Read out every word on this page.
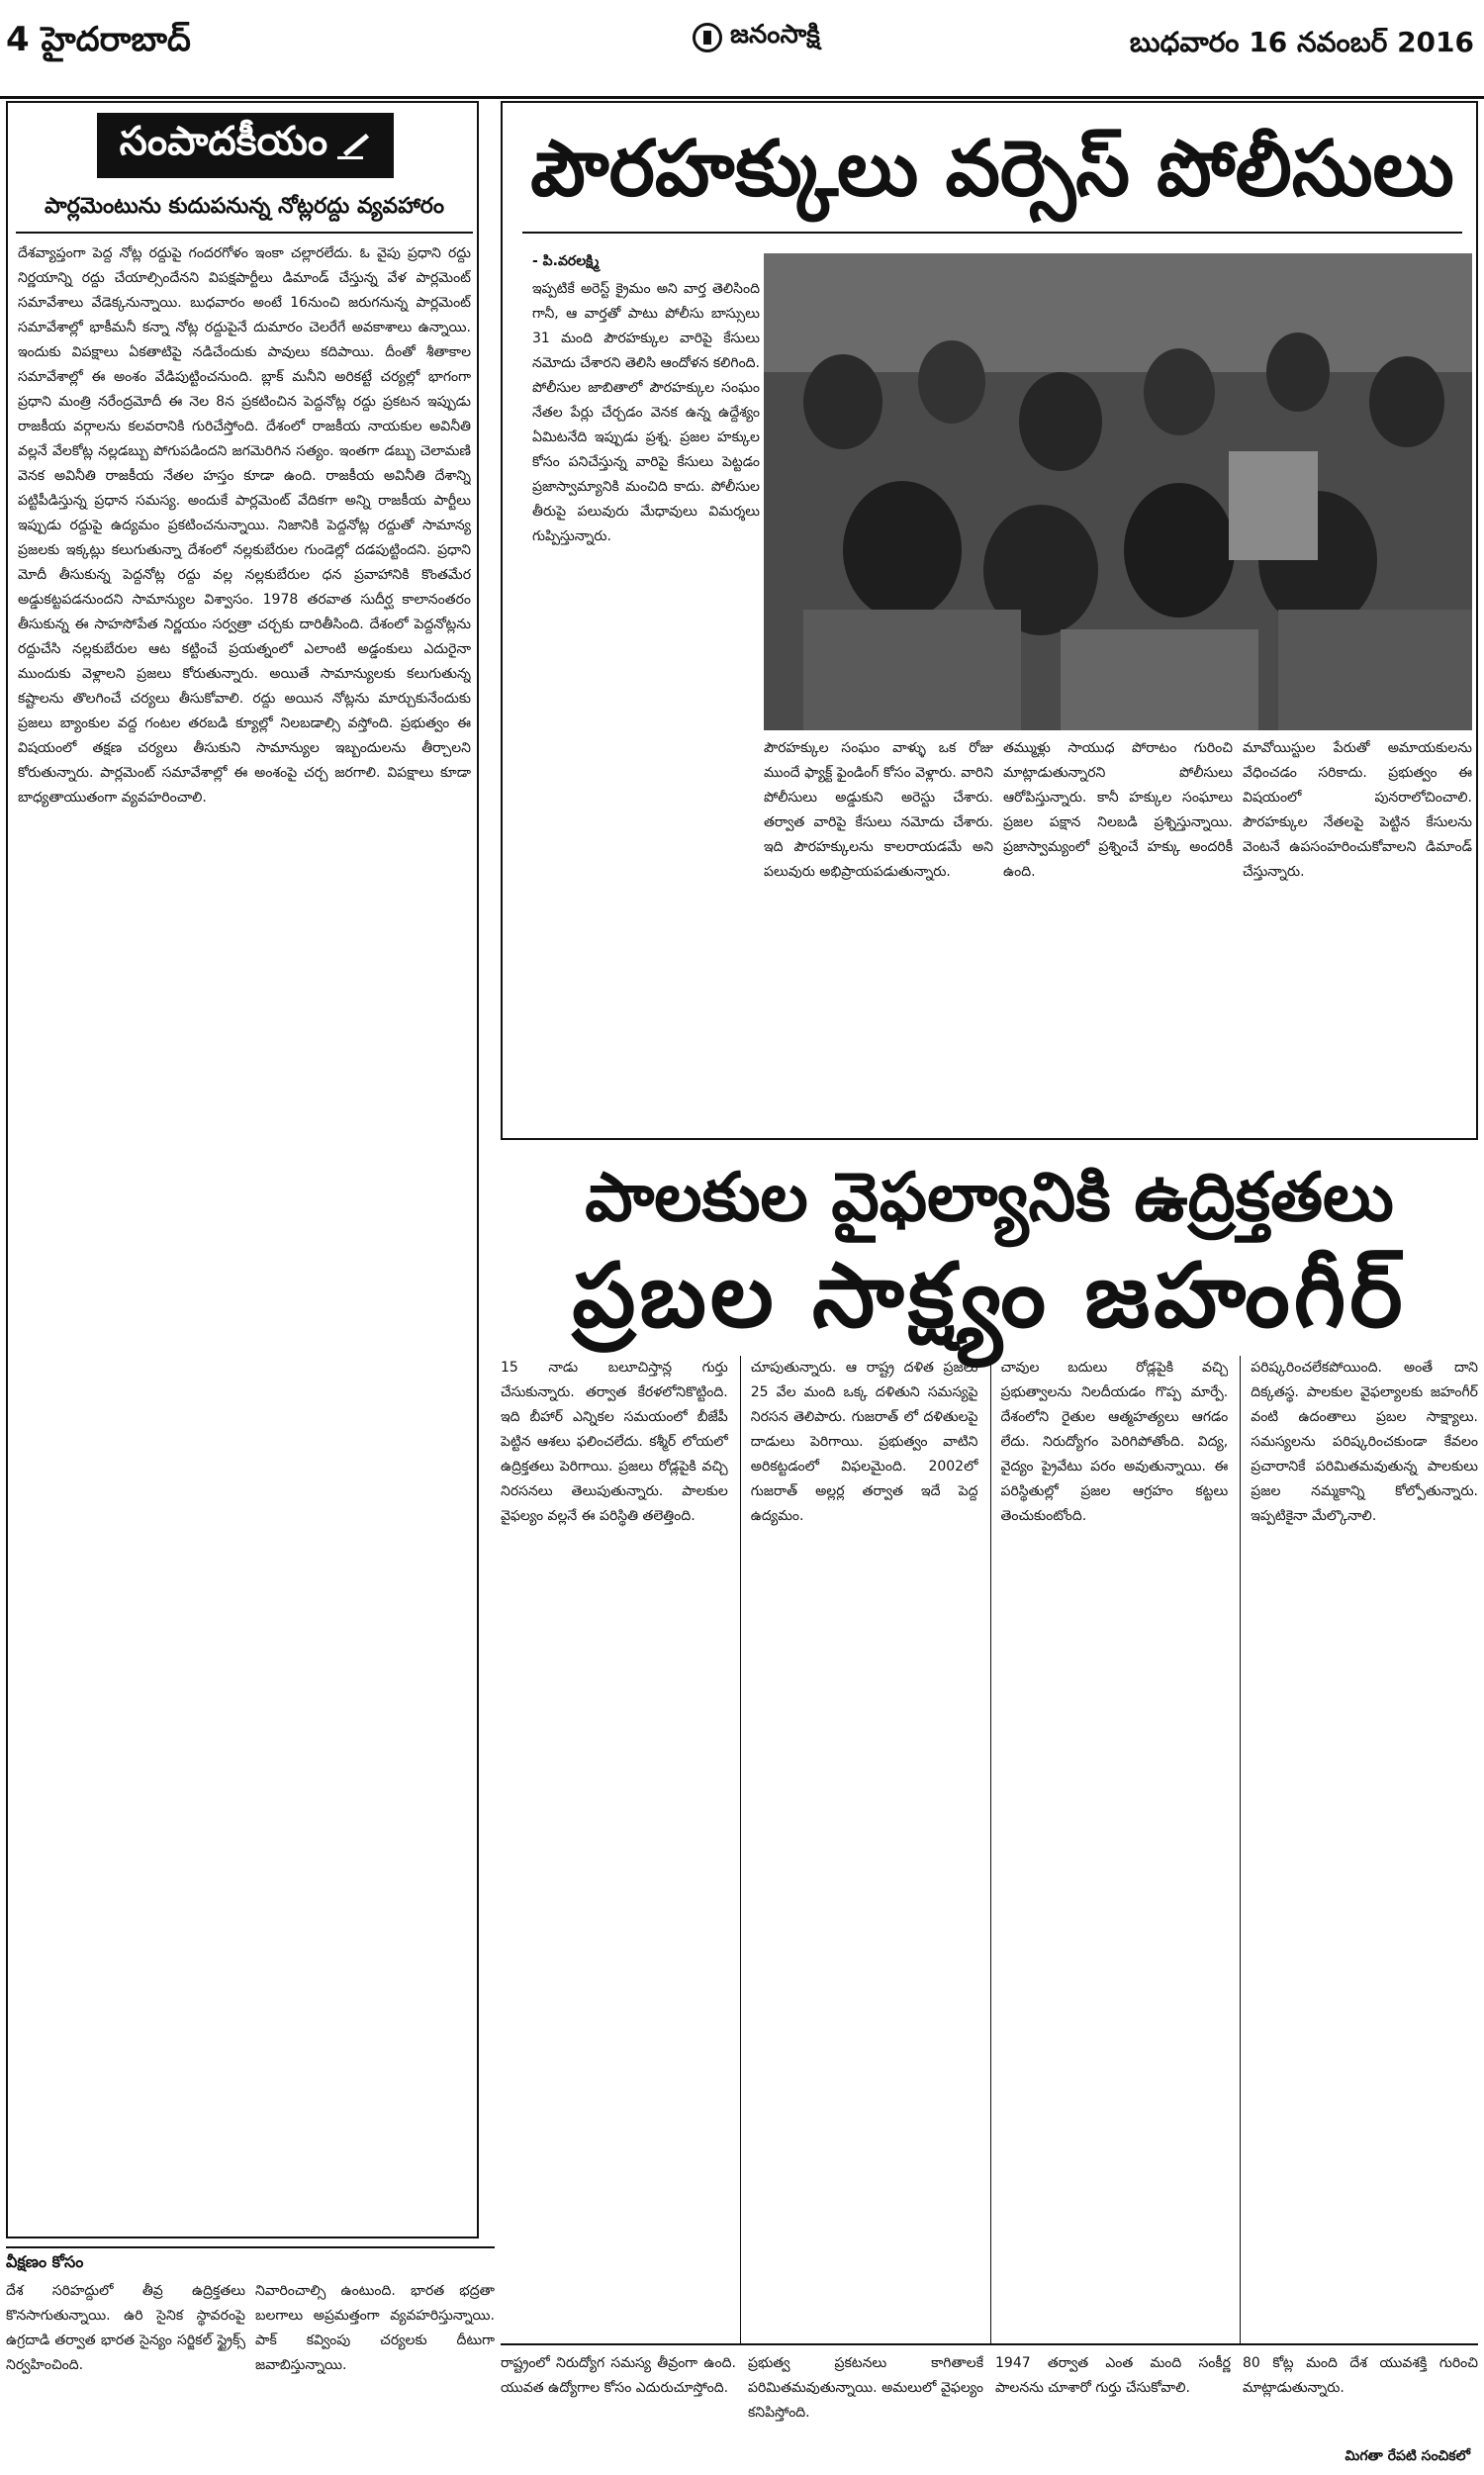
4 హైదరాబాద్	జనంసాక్షి	బుధవారం 16 నవంబర్ 2016
సంపాదకీయం
పార్లమెంటును కుదుపనున్న నోట్లరద్దు వ్యవహారం
దేశవ్యాప్తంగా పెద్ద నోట్ల రద్దుపై గందరగోళం ఇంకా చల్లారలేదు. ఓ వైపు ప్రధాని రద్దు నిర్ణయాన్ని రద్దు చేయాల్సిందేనని విపక్షపార్టీలు డిమాండ్‌ చేస్తున్న వేళ పార్లమెంట్‌ సమావేశాలు వేడెక్కనున్నాయి. బుధవారం అంటే 16నుంచి జరుగనున్న పార్లమెంట్‌ సమావేశాల్లో భాకీమనీ కన్నా నోట్ల రద్దుపైనే దుమారం చెలరేగే అవకాశాలు ఉన్నాయి. ఇందుకు విపక్షాలు ఏకతాటిపై నడిచేందుకు పావులు కదిపాయి. దీంతో శీతాకాల సమావేశాల్లో ఈ అంశం వేడిపుట్టించనుంది. బ్లాక్‌ మనీని అరికట్టే చర్యల్లో భాగంగా ప్రధాని మంత్రి నరేంద్రమోదీ ఈ నెల 8న ప్రకటించిన పెద్దనోట్ల రద్దు ప్రకటన ఇప్పుడు రాజకీయ వర్గాలను కలవరానికి గురిచేస్తోంది. దేశంలో రాజకీయ నాయకుల అవినీతి వల్లనే వేలకోట్ల నల్లడబ్బు పోగుపడిందని జగమెరిగిన సత్యం. ఇంతగా డబ్బు చెలామణి వెనక అవినీతి రాజకీయ నేతల హస్తం కూడా ఉంది. రాజకీయ అవినీతి దేశాన్ని పట్టిపీడిస్తున్న ప్రధాన సమస్య. అందుకే పార్లమెంట్‌ వేదికగా అన్ని రాజకీయ పార్టీలు ఇప్పుడు రద్దుపై ఉద్యమం ప్రకటించనున్నాయి. నిజానికి పెద్దనోట్ల రద్దుతో సామాన్య ప్రజలకు ఇక్కట్లు కలుగుతున్నా దేశంలో నల్లకుబేరుల గుండెల్లో దడపుట్టిందని. ప్రధాని మోదీ తీసుకున్న పెద్దనోట్ల రద్దు వల్ల నల్లకుబేరుల ధన ప్రవాహానికి కొంతమేర అడ్డుకట్టపడనుందని సామాన్యుల విశ్వాసం. 1978 తరవాత సుదీర్ఘ కాలానంతరం తీసుకున్న ఈ సాహసోపేత నిర్ణయం సర్వత్రా చర్చకు దారితీసింది. దేశంలో పెద్దనోట్లను రద్దుచేసి నల్లకుబేరుల ఆట కట్టించే ప్రయత్నంలో ఎలాంటి అడ్డంకులు ఎదురైనా ముందుకు వెళ్లాలని ప్రజలు కోరుతున్నారు. అయితే సామాన్యులకు కలుగుతున్న కష్టాలను తొలగించే చర్యలు తీసుకోవాలి. రద్దు అయిన నోట్లను మార్చుకునేందుకు ప్రజలు బ్యాంకుల వద్ద గంటల తరబడి క్యూల్లో నిలబడాల్సి వస్తోంది. ప్రభుత్వం ఈ విషయంలో తక్షణ చర్యలు తీసుకుని సామాన్యుల ఇబ్బందులను తీర్చాలని కోరుతున్నారు. పార్లమెంట్‌ సమావేశాల్లో ఈ అంశంపై చర్చ జరగాలి. విపక్షాలు కూడా బాధ్యతాయుతంగా వ్యవహరించాలి.
పౌరహక్కులు వర్సెస్‌ పోలీసులు
- పి.వరలక్ష్మి
ఇప్పటికే అరెస్ట్‌ క్రైమం అని వార్త తెలిసింది గానీ, ఆ వార్తతో పాటు పోలీసు బాస్సులు 31 మంది పౌరహక్కుల వారిపై కేసులు నమోదు చేశారని తెలిసి ఆందోళన కలిగింది. పోలీసుల జాబితాలో పౌరహక్కుల సంఘం నేతల పేర్లు చేర్చడం వెనక ఉన్న ఉద్దేశ్యం ఏమిటనేది ఇప్పుడు ప్రశ్న. ప్రజల హక్కుల కోసం పనిచేస్తున్న వారిపై కేసులు పెట్టడం ప్రజాస్వామ్యానికి మంచిది కాదు. పోలీసుల తీరుపై పలువురు మేధావులు విమర్శలు గుప్పిస్తున్నారు.
పౌరహక్కుల సంఘం వాళ్ళు ఒక రోజు ముందే ఫ్యాక్ట్‌ ఫైండింగ్‌ కోసం వెళ్లారు. వారిని పోలీసులు అడ్డుకుని అరెస్టు చేశారు. తర్వాత వారిపై కేసులు నమోదు చేశారు. ఇది పౌరహక్కులను కాలరాయడమే అని పలువురు అభిప్రాయపడుతున్నారు.
తమ్ముళ్లు సాయుధ పోరాటం గురించి మాట్లాడుతున్నారని పోలీసులు ఆరోపిస్తున్నారు. కానీ హక్కుల సంఘాలు ప్రజల పక్షాన నిలబడి ప్రశ్నిస్తున్నాయి. ప్రజాస్వామ్యంలో ప్రశ్నించే హక్కు అందరికీ ఉంది.
మావోయిస్టుల పేరుతో అమాయకులను వేధించడం సరికాదు. ప్రభుత్వం ఈ విషయంలో పునరాలోచించాలి. పౌరహక్కుల నేతలపై పెట్టిన కేసులను వెంటనే ఉపసంహరించుకోవాలని డిమాండ్‌ చేస్తున్నారు.
పాలకుల వైఫల్యానికి ఉద్రిక్తతలు
ప్రబల సాక్ష్యం జహంగీర్‌
15 నాడు బలూచిస్తాన్ల గుర్తు చేసుకున్నారు. తర్వాత కేరళలోనికొట్టింది. ఇది బీహార్‌ ఎన్నికల సమయంలో బీజేపీ పెట్టిన ఆశలు ఫలించలేదు. కశ్మీర్‌ లోయలో ఉద్రిక్తతలు పెరిగాయి. ప్రజలు రోడ్లపైకి వచ్చి నిరసనలు తెలుపుతున్నారు. పాలకుల వైఫల్యం వల్లనే ఈ పరిస్థితి తలెత్తింది.
చూపుతున్నారు. ఆ రాష్ట్ర దళిత ప్రజలు 25 వేల మంది ఒక్క దళితుని సమస్యపై నిరసన తెలిపారు. గుజరాత్‌ లో దళితులపై దాడులు పెరిగాయి. ప్రభుత్వం వాటిని అరికట్టడంలో విఫలమైంది. 2002లో గుజరాత్‌ అల్లర్ల తర్వాత ఇదే పెద్ద ఉద్యమం.
చావుల బదులు రోడ్లపైకి వచ్చి ప్రభుత్వాలను నిలదీయడం గొప్ప మార్పే. దేశంలోని రైతుల ఆత్మహత్యలు ఆగడం లేదు. నిరుద్యోగం పెరిగిపోతోంది. విద్య, వైద్యం ప్రైవేటు పరం అవుతున్నాయి. ఈ పరిస్థితుల్లో ప్రజల ఆగ్రహం కట్టలు తెంచుకుంటోంది.
పరిష్కరించలేకపోయింది. అంతే దాని దిక్కతస్థ. పాలకుల వైఫల్యాలకు జహంగీర్‌ వంటి ఉదంతాలు ప్రబల సాక్ష్యాలు. సమస్యలను పరిష్కరించకుండా కేవలం ప్రచారానికే పరిమితమవుతున్న పాలకులు ప్రజల నమ్మకాన్ని కోల్పోతున్నారు. ఇప్పటికైనా మేల్కొనాలి.
వీక్షణం కోసం
దేశ సరిహద్దులో తీవ్ర ఉద్రిక్తతలు కొనసాగుతున్నాయి. ఉరి సైనిక స్థావరంపై ఉగ్రదాడి తర్వాత భారత సైన్యం సర్జికల్‌ స్ట్రైక్స్‌ నిర్వహించింది.
నివారించాల్సి ఉంటుంది. భారత భద్రతా బలగాలు అప్రమత్తంగా వ్యవహరిస్తున్నాయి. పాక్‌ కవ్వింపు చర్యలకు దీటుగా జవాబిస్తున్నాయి.	రాష్ట్రంలో నిరుద్యోగ సమస్య తీవ్రంగా ఉంది. యువత ఉద్యోగాల కోసం ఎదురుచూస్తోంది.
ప్రభుత్వ ప్రకటనలు కాగితాలకే పరిమితమవుతున్నాయి. అమలులో వైఫల్యం కనిపిస్తోంది.
1947 తర్వాత ఎంత మంది సంకీర్ణ పాలనను చూశారో గుర్తు చేసుకోవాలి.
80 కోట్ల మంది దేశ యువశక్తి గురించి మాట్లాడుతున్నారు.
మిగతా రేపటి సంచికలో
